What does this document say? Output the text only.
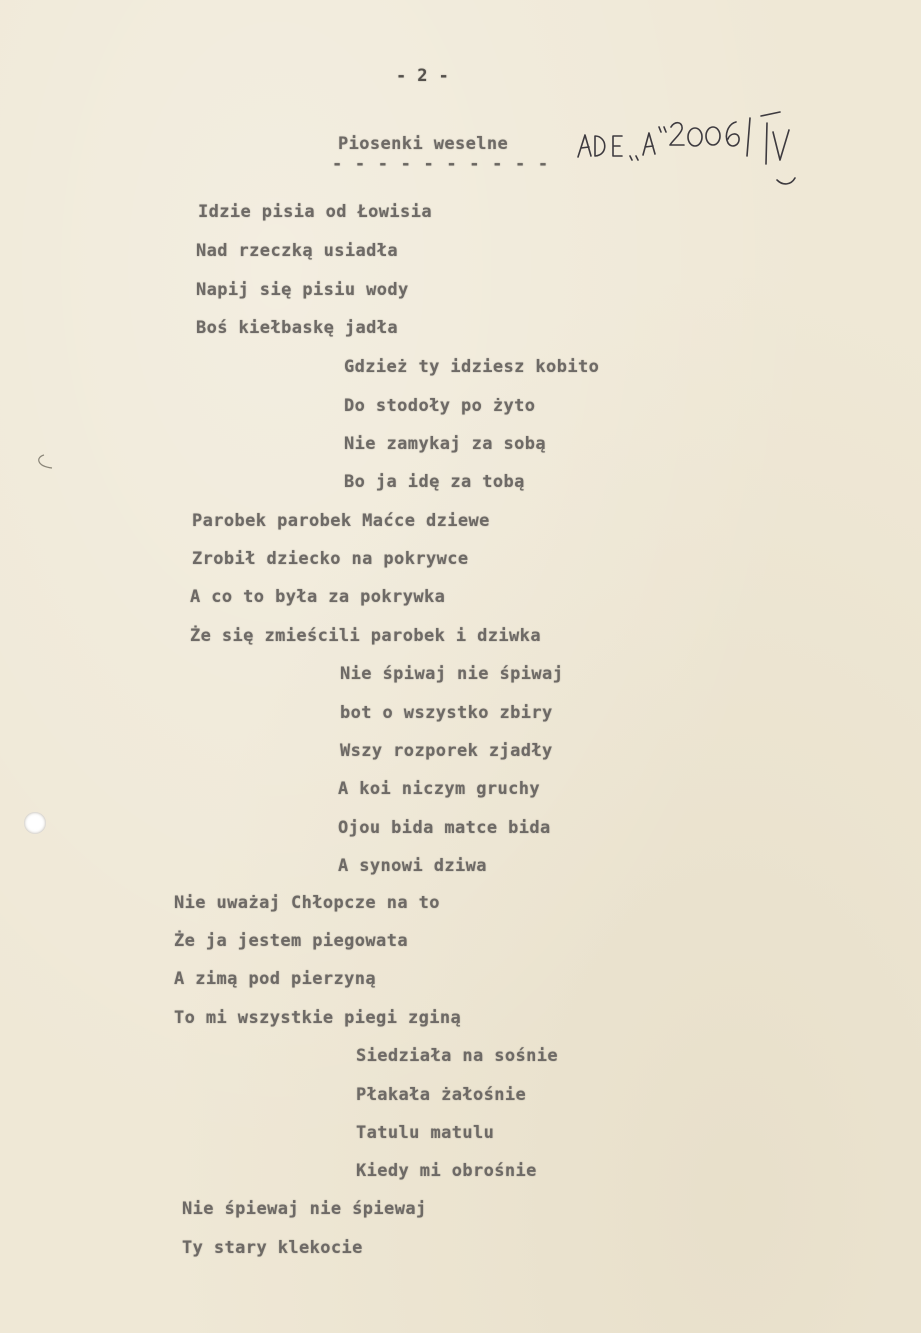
- 2 -
Piosenki weselne
- - - - - - - - - -
Idzie pisia od Łowisia
Nad rzeczką usiadła
Napij się pisiu wody
Boś kiełbaskę jadła
Gdzież ty idziesz kobito
Do stodoły po żyto
Nie zamykaj za sobą
Bo ja idę za tobą
Parobek parobek Maćce dziewe
Zrobił dziecko na pokrywce
A co to była za pokrywka
Że się zmieścili parobek i dziwka
Nie śpiwaj nie śpiwaj
bot o wszystko zbiry
Wszy rozporek zjadły
A koi niczym gruchy
Ojou bida matce bida
A synowi dziwa
Nie uważaj Chłopcze na to
Że ja jestem piegowata
A zimą pod pierzyną
To mi wszystkie piegi zginą
Siedziała na sośnie
Płakała żałośnie
Tatulu matulu
Kiedy mi obrośnie
Nie śpiewaj nie śpiewaj
Ty stary klekocie
